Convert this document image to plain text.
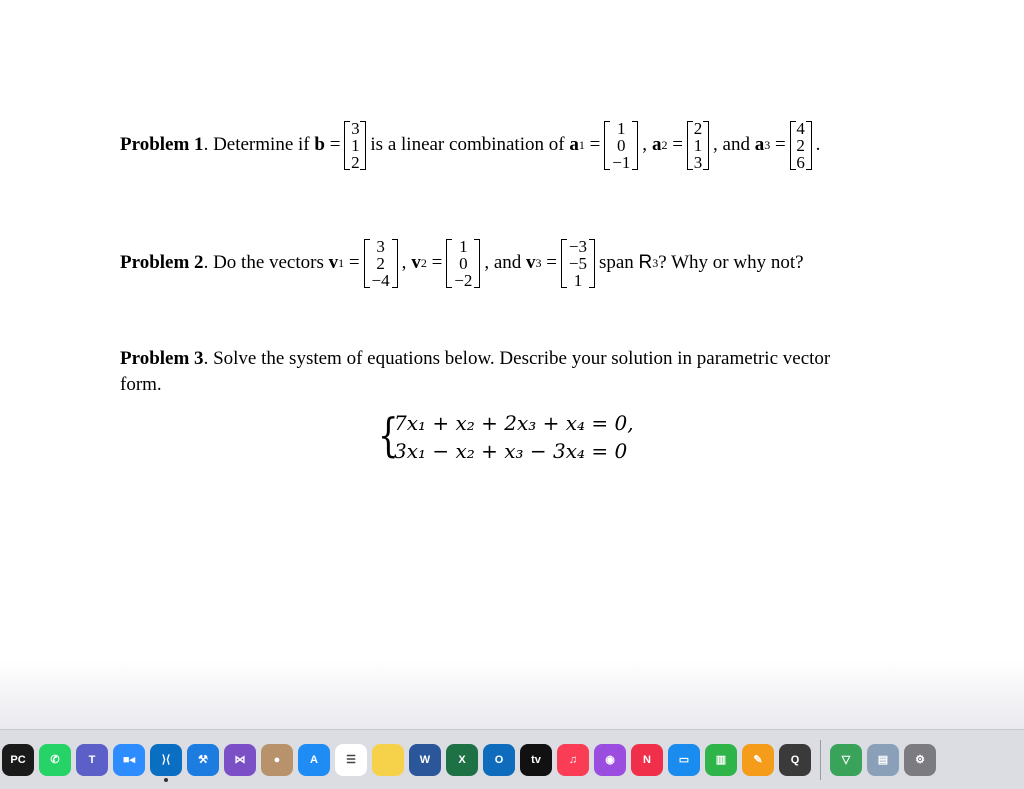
Problem 1 . Determine if b =
3
1
2
is a linear combination of a 1 =
1
0
−1
, a 2 =
2
1
3
, and a 3 =
4
2
6
.
Problem 2 . Do the vectors v 1 =
3
2
−4
, v 2 =
1
0
−2
, and v 3 =
−3
−5
1
span R 3 ? Why or why not?
Problem 3 . Solve the system of equations below. Describe your solution in parametric vector
form.
{
7x₁ + x₂ + 2x₃ + x₄ = 0,
3x₁ − x₂ + x₃ − 3x₄ = 0
PC	✆	T	■◂	⟩⟨	⚒	⋈	●	A	☰	W	X	O	tv	♫	◉	N	▭	▥	✎	Q	▽	▤	⚙
